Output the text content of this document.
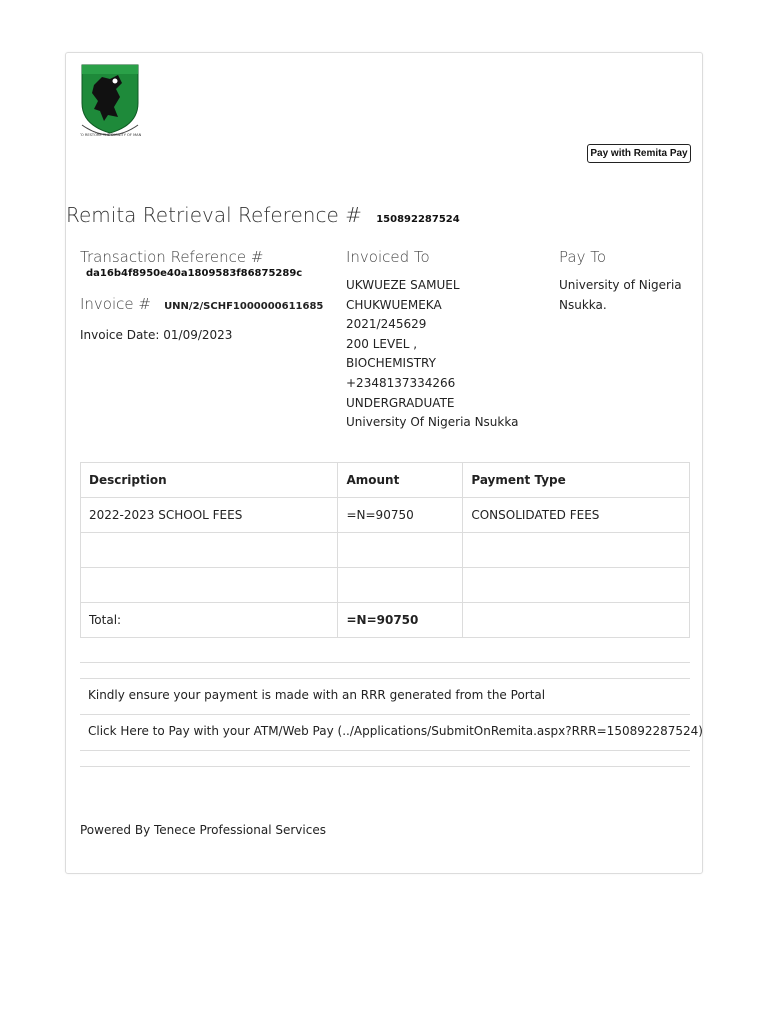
TO RESTORE THE DIGNITY OF MAN
Pay with Remita Pay
Remita Retrieval Reference # 150892287524
Transaction Reference #
da16b4f8950e40a1809583f86875289c
Invoice # UNN/2/SCHF1000000611685
Invoice Date: 01/09/2023
Invoiced To
UKWUEZE SAMUEL
CHUKWUEMEKA
2021/245629
200 LEVEL ,
BIOCHEMISTRY
+2348137334266
UNDERGRADUATE
University Of Nigeria Nsukka
Pay To
University of Nigeria
Nsukka.
Description	Amount	Payment Type
2022-2023 SCHOOL FEES	=N=90750	CONSOLIDATED FEES

Total:	=N=90750	
Kindly ensure your payment is made with an RRR generated from the Portal
Click Here to Pay with your ATM/Web Pay (../Applications/SubmitOnRemita.aspx?RRR=150892287524)
Powered By Tenece Professional Services
